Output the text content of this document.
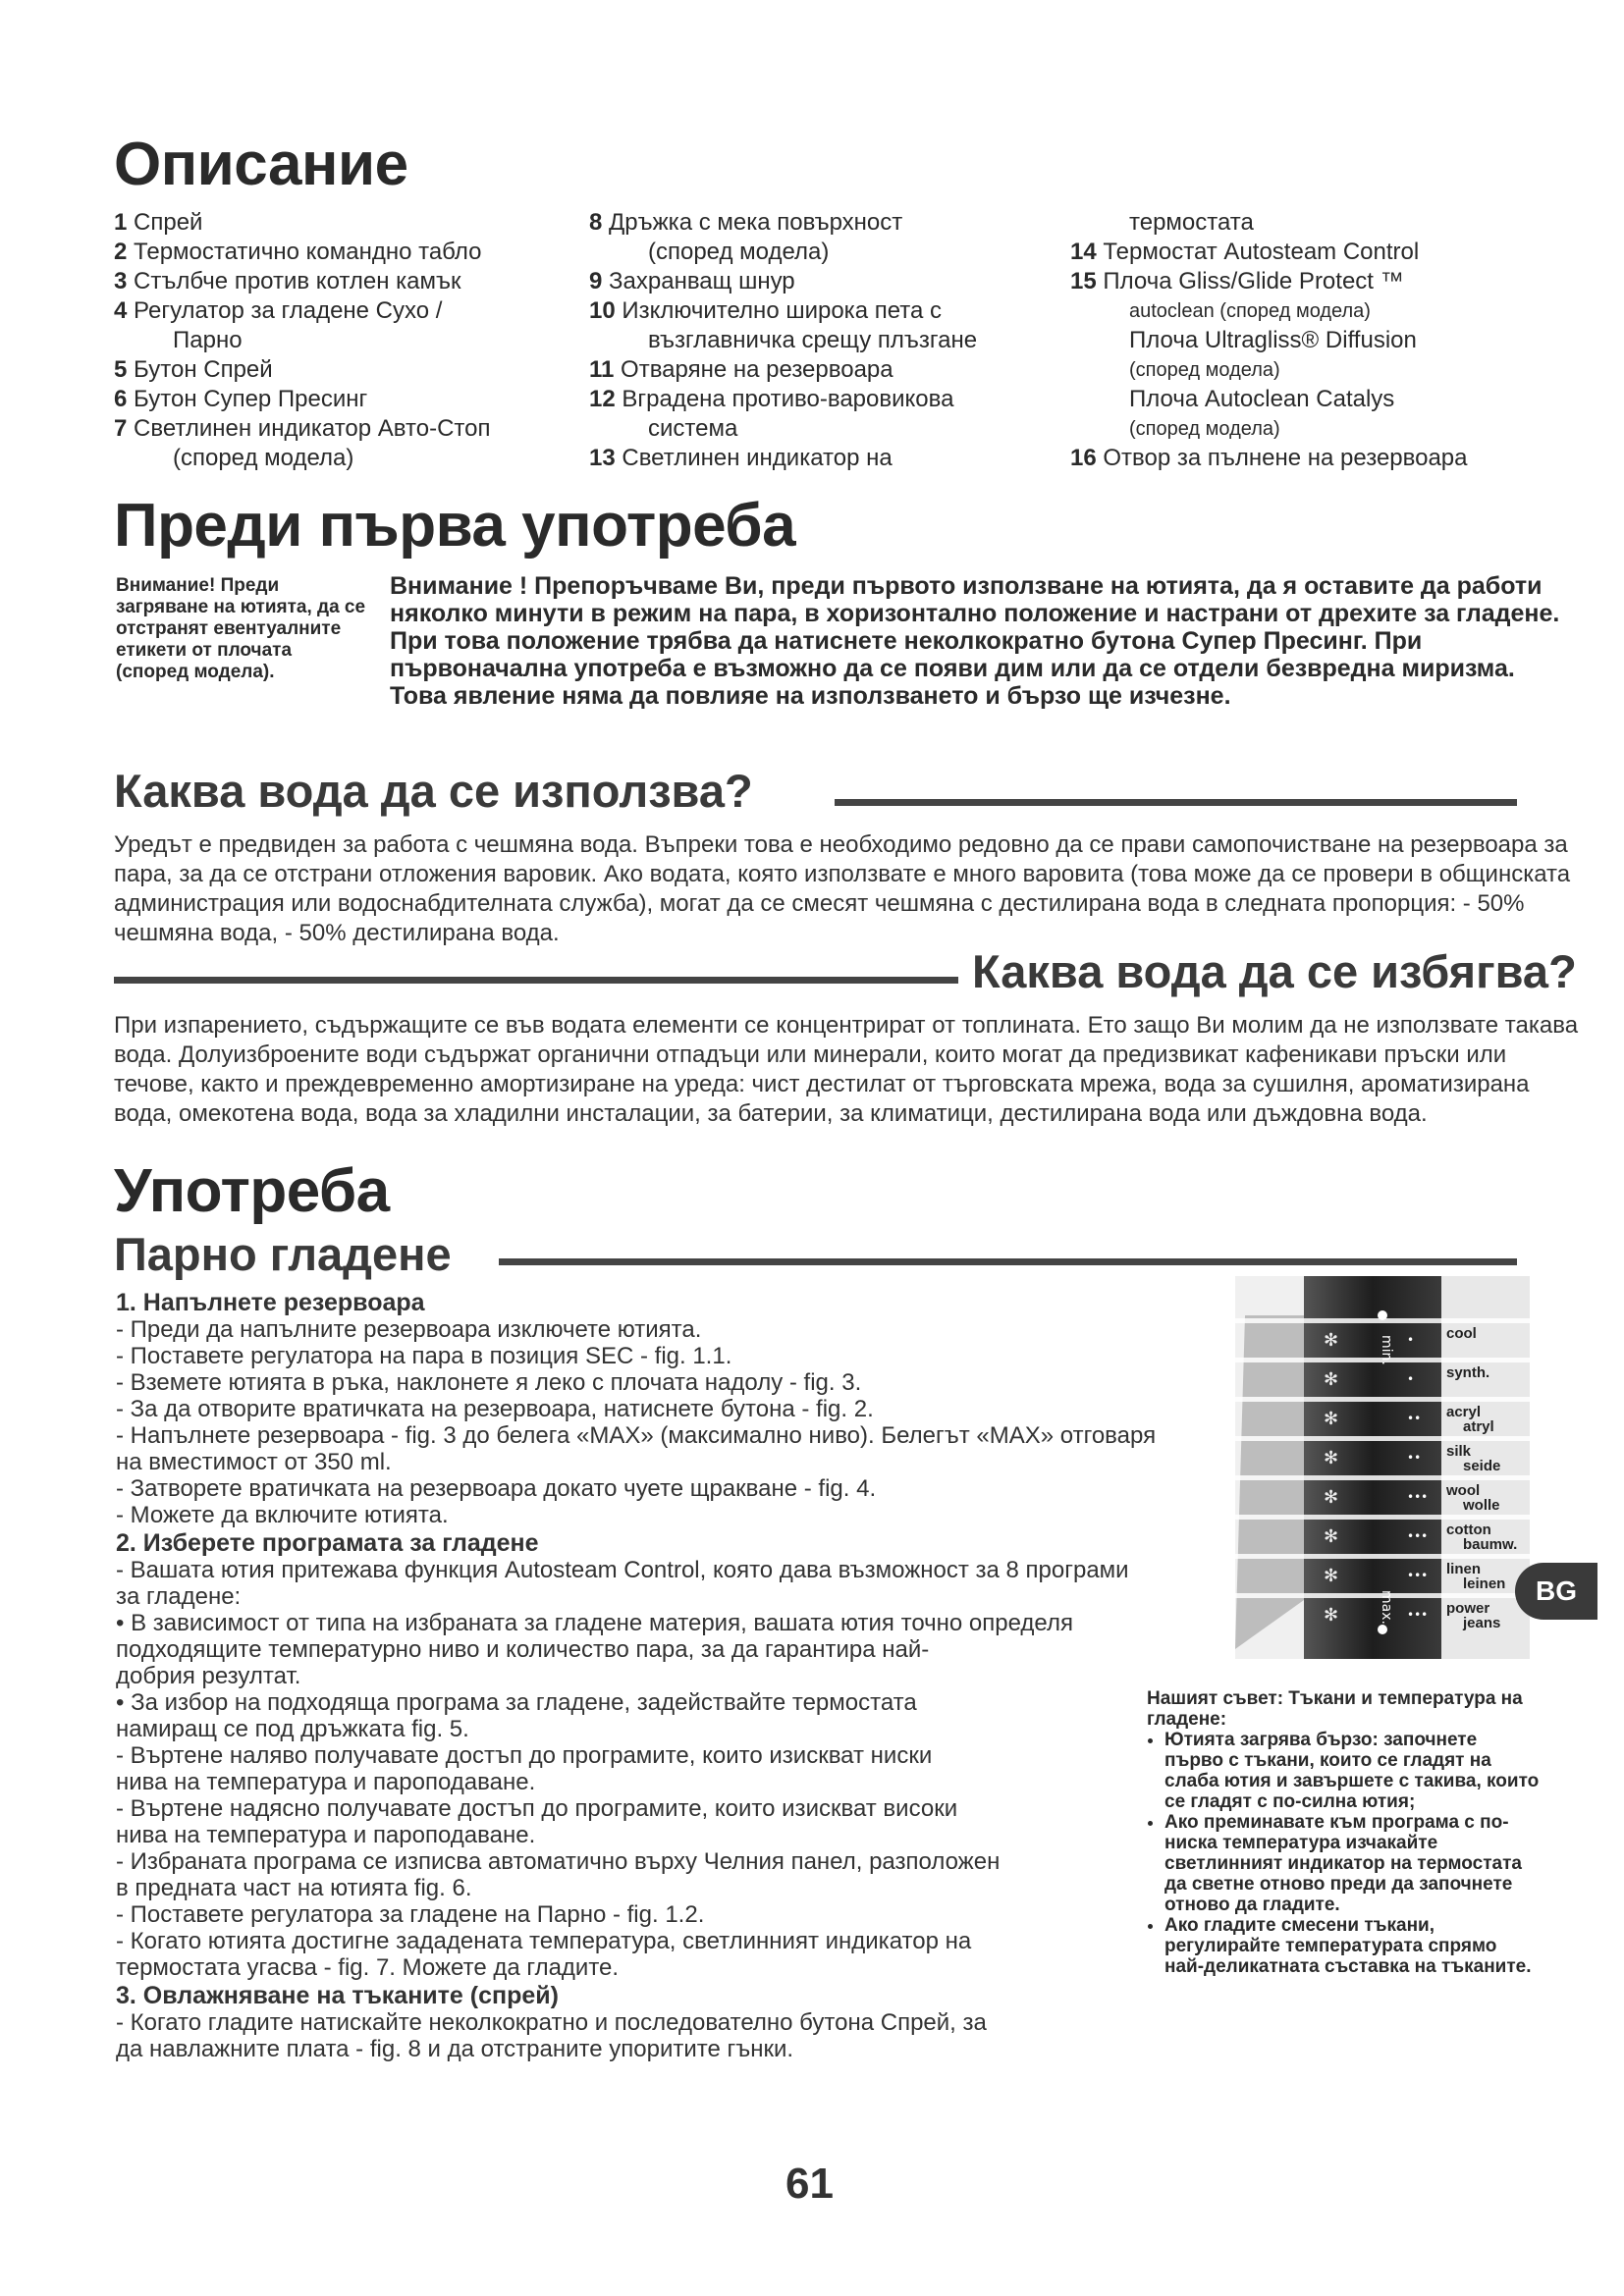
Описание
1 Спрей
2 Термостатично командно табло
3 Стълбче против котлен камък
4 Регулатор за гладене Сухо /
Парно
5 Бутон Спрей
6 Бутон Супер Пресинг
7 Светлинен индикатор Авто-Стоп
(според модела)
8 Дръжка с мека повърхност
(според модела)
9 Захранващ шнур
10 Изключително широка пета с
възглавничка срещу плъзгане
11 Отваряне на резервоара
12 Вградена противо-варовикова
система
13 Светлинен индикатор на
термостата
14 Термостат Autosteam Control
15 Плоча Gliss/Glide Protect ™
autoclean (според модела)
Плоча Ultragliss® Diffusion
(според модела)
Плоча Autoclean Catalys
(според модела)
16 Отвор за пълнене на резервоара
Преди първа употреба
Внимание! Преди загряване на ютията, да се отстранят евентуалните етикети от плочата (според модела).
Внимание ! Препоръчваме Ви, преди първото използване на ютията, да я оставите да работи няколко минути в режим на пара, в хоризонтално положение и настрани от дрехите за гладене. При това положение трябва да натиснете неколкократно бутона Супер Пресинг. При първоначална употреба е възможно да се появи дим или да се отдели безвредна миризма. Това явление няма да повлияе на използването и бързо ще изчезне.
Каква вода да се използва?
Уредът е предвиден за работа с чешмяна вода. Въпреки това е необходимо редовно да се прави самопочистване на резервоара за пара, за да се отстрани отложения варовик. Ако водата, която използвате е много варовита (това може да се провери в общинската администрация или водоснабдителната служба), могат да се смесят чешмяна с дестилирана вода в следната пропорция: - 50% чешмяна вода, - 50% дестилирана вода.
Каква вода да се избягва?
При изпарението, съдържащите се във водата елементи се концентрират от топлината. Ето защо Ви молим да не използвате такава вода. Долуизброените води съдържат органични отпадъци или минерали, които могат да предизвикат кафеникави пръски или течове, както и преждевременно амортизиране на уреда: чист дестилат от търговската мрежа, вода за сушилня, ароматизирана вода, омекотена вода, вода за хладилни инсталации, за батерии, за климатици, дестилирана вода или дъждовна вода.
Употреба
Парно гладене
1. Напълнете резервоара
- Преди да напълните резервоара изключете ютията.
- Поставете регулатора на пара в позиция SEC - fig. 1.1.
- Вземете ютията в ръка, наклонете я леко с плочата надолу - fig. 3.
- За да отворите вратичката на резервоара, натиснете бутона - fig. 2.
- Напълнете резервоара - fig. 3 до белега «MAX» (максимално ниво). Белегът «MAX» отговаря
на вместимост от 350 ml.
- Затворете вратичката на резервоара докато чуете щракване - fig. 4.
- Можете да включите ютията.
2. Изберете програмата за гладене
- Вашата ютия притежава функция Autosteam Control, която дава възможност за 8 програми
за гладене:
• В зависимост от типа на избраната за гладене материя, вашата ютия точно определя
подходящите температурно ниво и количество пара, за да гарантира най-
добрия резултат.
• За избор на подходяща програма за гладене, задействайте термостата
намиращ се под дръжката fig. 5.
- Въртене наляво получавате достъп до програмите, които изискват ниски
нива на температура и пароподаване.
- Въртене надясно получавате достъп до програмите, които изискват високи
нива на температура и пароподаване.
- Избраната програма се изписва автоматично върху Челния панел, разположен
в предната част на ютията fig. 6.
- Поставете регулатора за гладене на Парно - fig. 1.2.
- Когато ютията достигне зададената температура, светлинният индикатор на
термостата угасва - fig. 7. Можете да гладите.
3. Овлажняване на тъканите (спрей)
- Когато гладите натискайте неколкократно и последователно бутона Спрей, за
да навлажните плата - fig. 8 и да отстраните упоритите гънки.
✻	• cool
✻	• synth.
✻	•• acryl
atryl
✻	•• silk
seide
✻	••• wool
wolle
✻	••• cotton
baumw.
✻	••• linen
leinen
✻	••• power
jeans
min.
max.	BG
Нашият съвет: Тъкани и температура на гладене:
• Ютията загрява бързо: започнете първо с тъкани, които се гладят на слаба ютия и завършете с такива, които се гладят с по-силна ютия;
• Ако преминавате към програма с по-ниска температура изчакайте светлинният индикатор на термостата да светне отново преди да започнете отново да гладите.
• Ако гладите смесени тъкани, регулирайте температурата спрямо най-деликатната съставка на тъканите.
61
